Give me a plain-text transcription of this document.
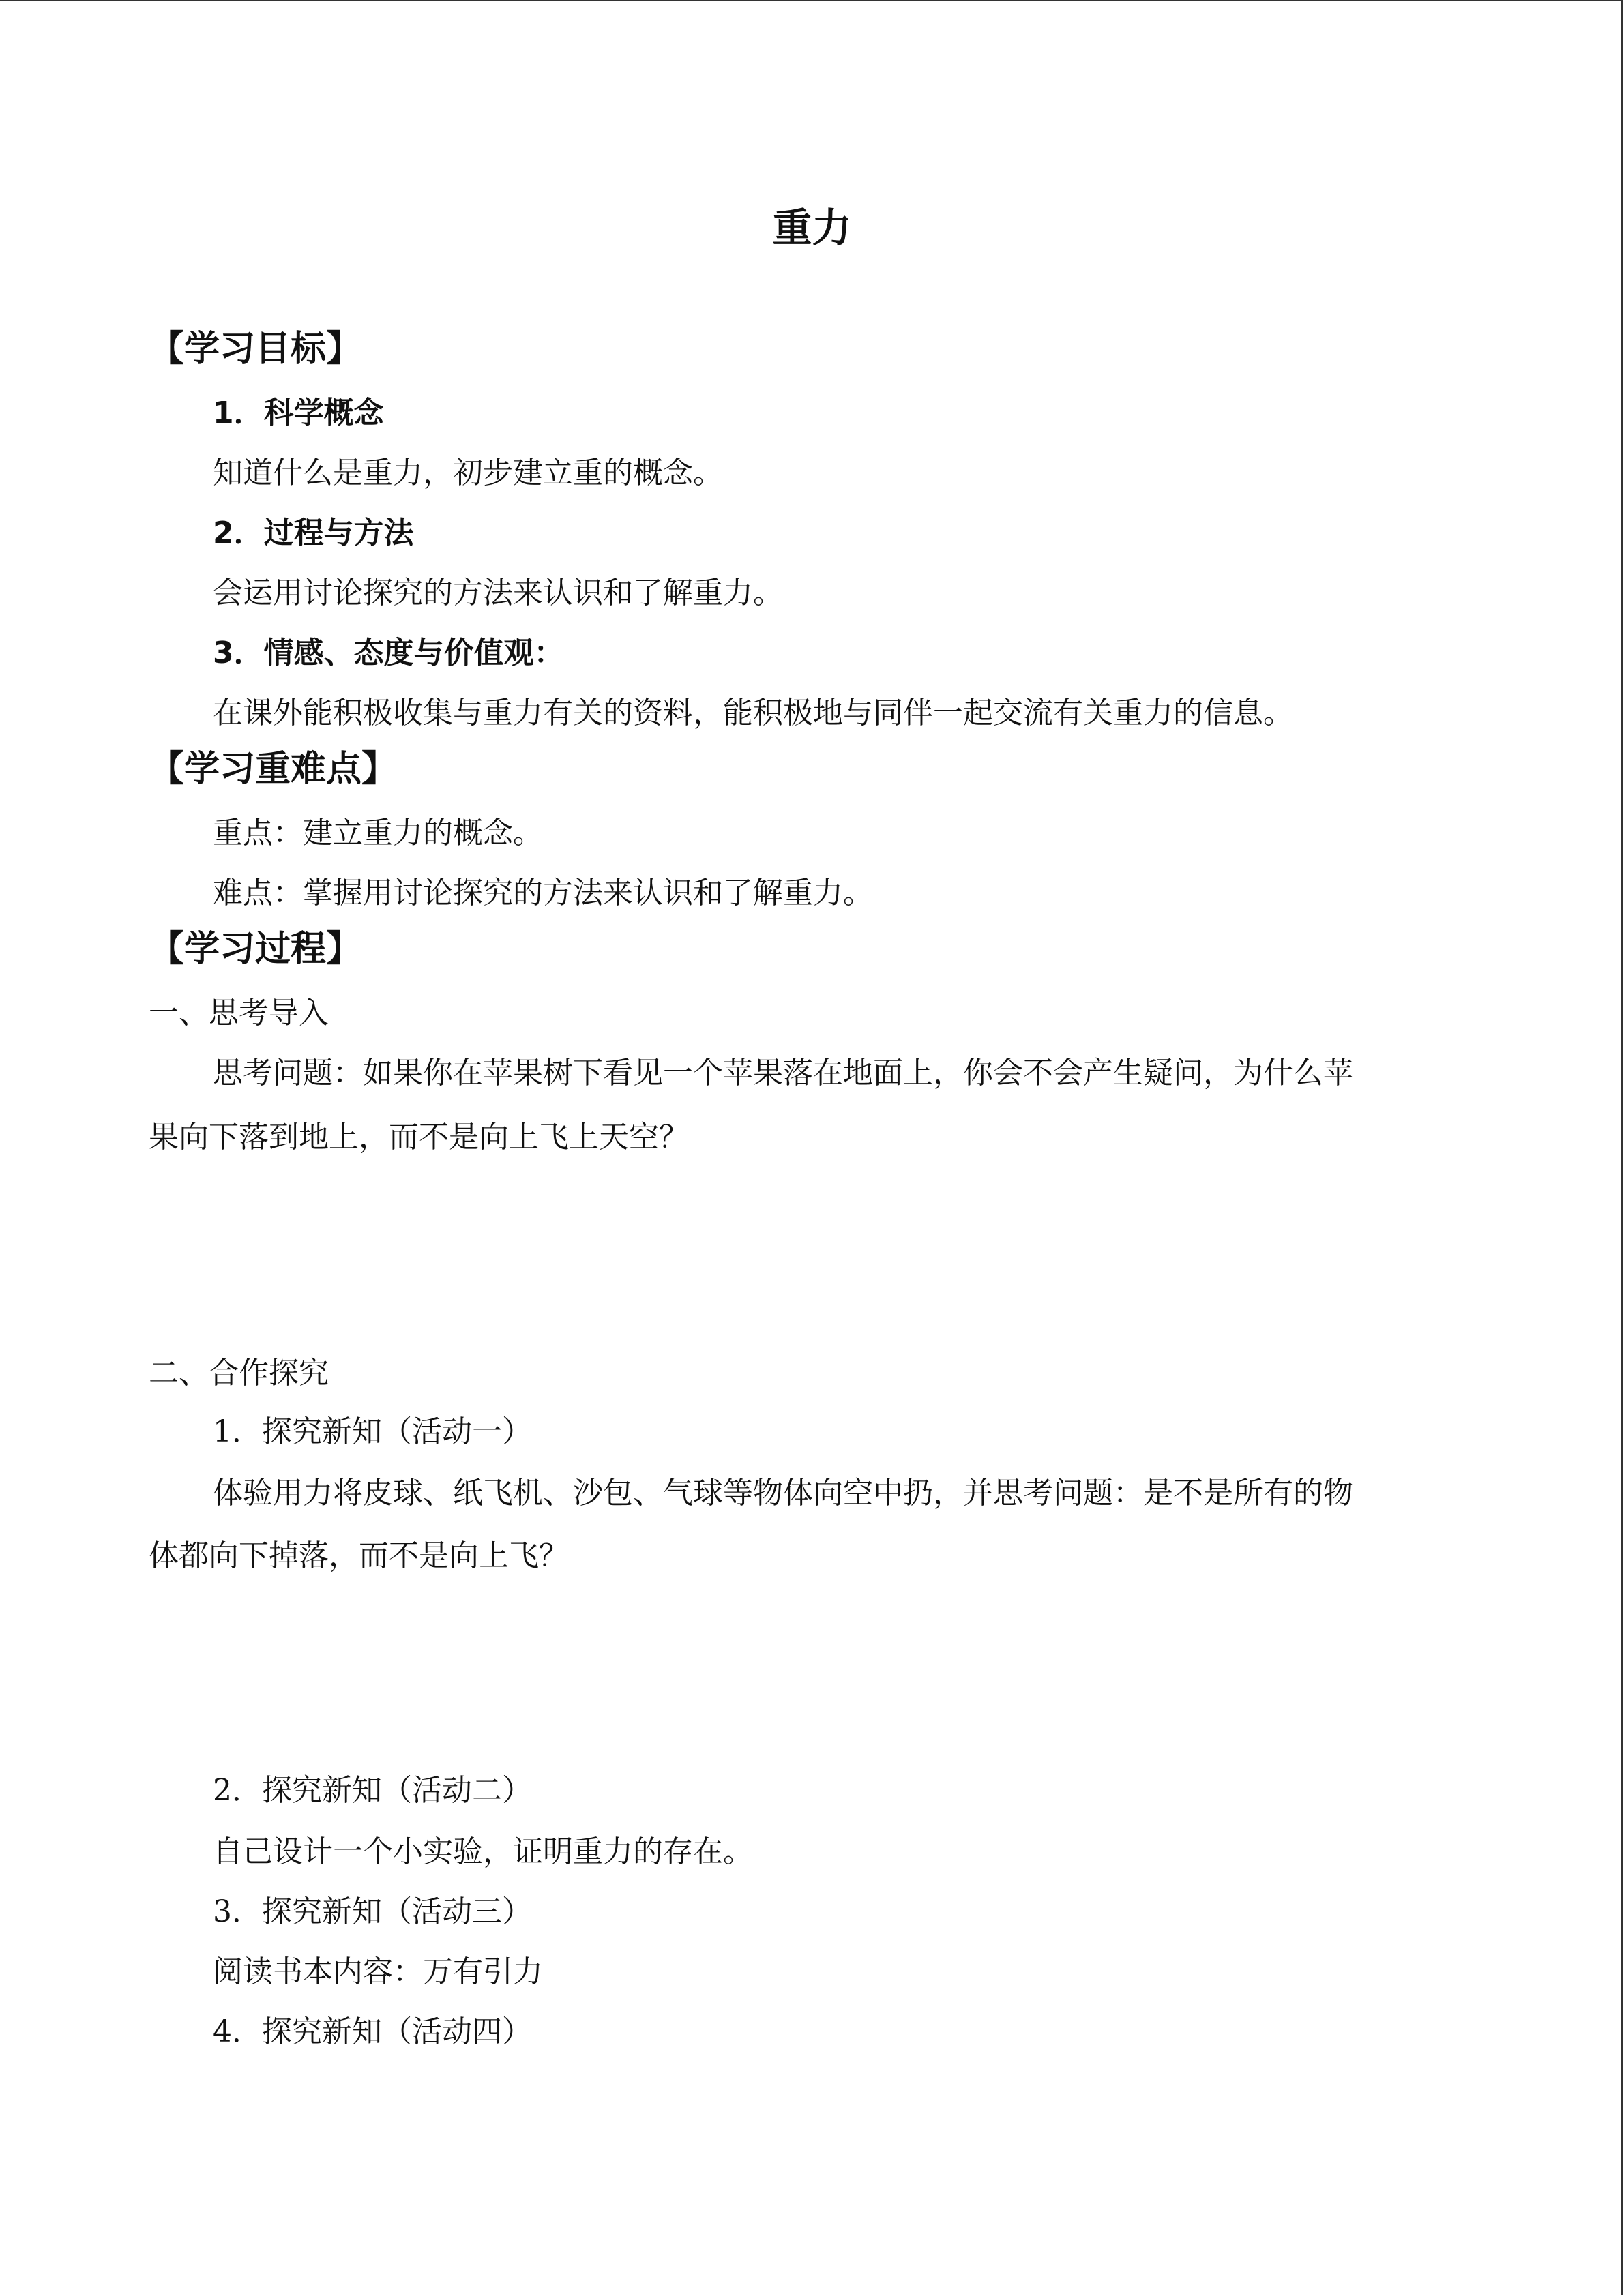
重力
【学习目标】
1．科学概念
知道什么是重力，初步建立重的概念。
2．过程与方法
会运用讨论探究的方法来认识和了解重力。
3．情感、态度与价值观：
在课外能积极收集与重力有关的资料，能积极地与同伴一起交流有关重力的信息。
【学习重难点】
重点：建立重力的概念。
难点：掌握用讨论探究的方法来认识和了解重力。
【学习过程】
一、思考导入
思考问题：如果你在苹果树下看见一个苹果落在地面上，你会不会产生疑问，为什么苹
果向下落到地上，而不是向上飞上天空？
二、合作探究
1．探究新知（活动一）
体验用力将皮球、纸飞机、沙包、气球等物体向空中扔，并思考问题：是不是所有的物
体都向下掉落，而不是向上飞？
2．探究新知（活动二）
自己设计一个小实验，证明重力的存在。
3．探究新知（活动三）
阅读书本内容：万有引力
4．探究新知（活动四）
